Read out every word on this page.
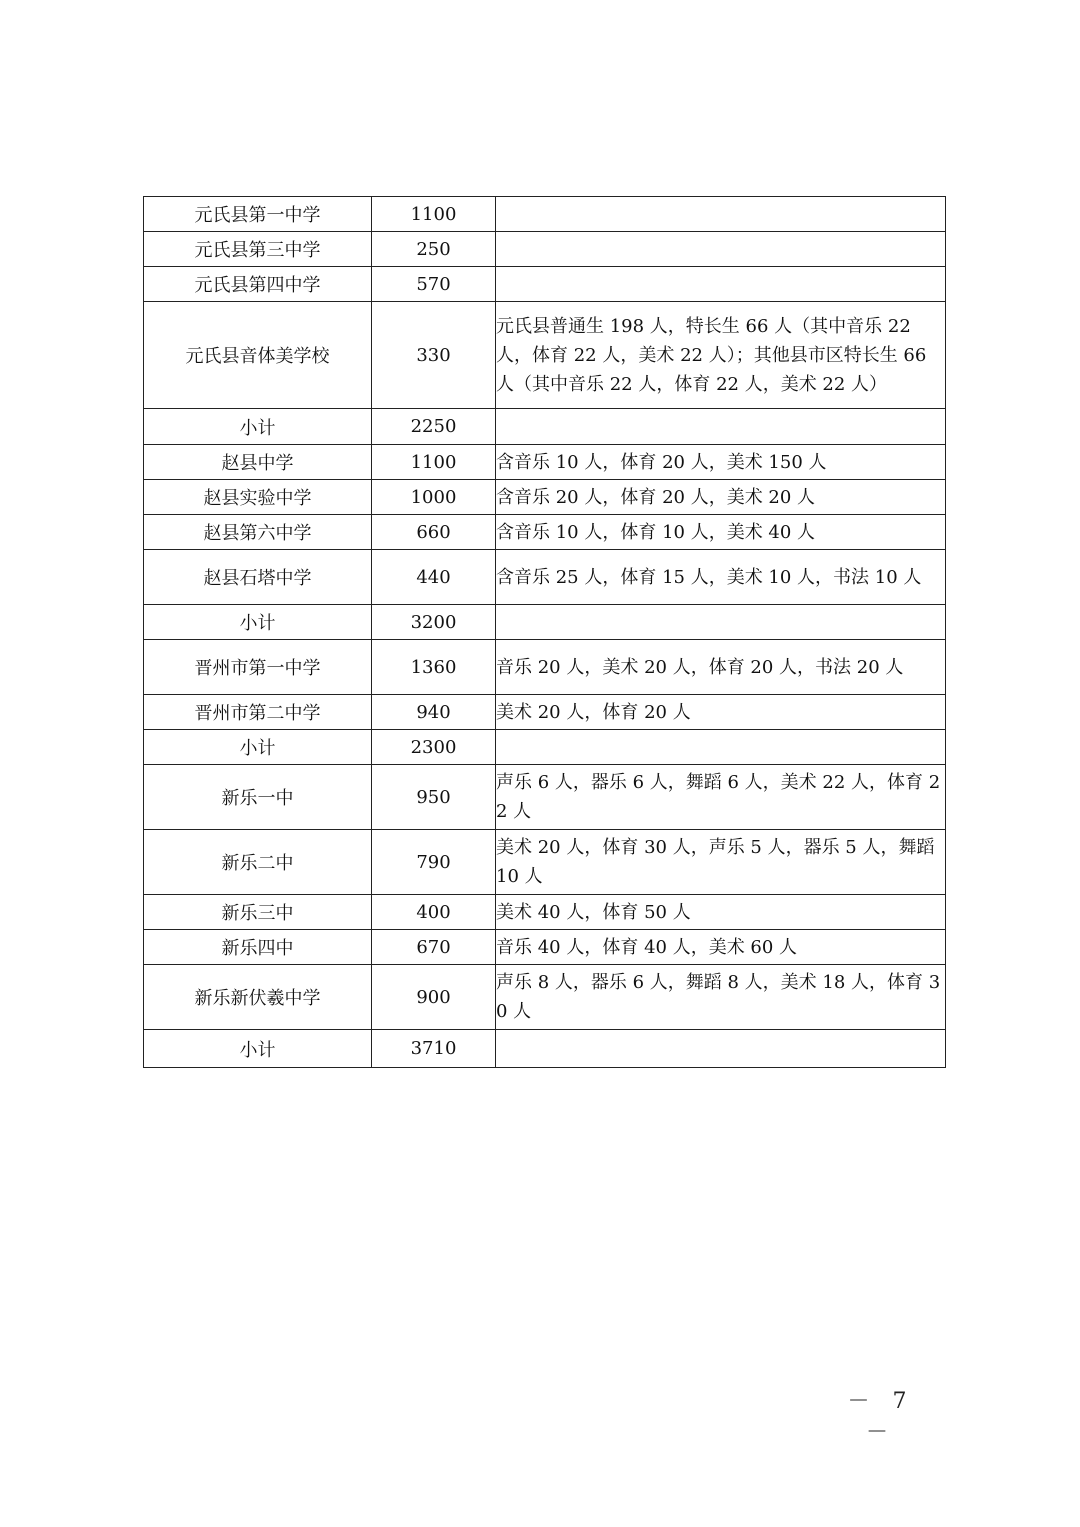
元氏县第一中学	1100	
元氏县第三中学	250	
元氏县第四中学	570	
元氏县音体美学校	330	元氏县普通生 198 人，特长生 66 人（其中音乐 22 人，体育 22 人，美术 22 人）；其他县市区特长生 66 人（其中音乐 22 人，体育 22 人，美术 22 人）
小计	2250	
赵县中学	1100	含音乐 10 人，体育 20 人，美术 150 人
赵县实验中学	1000	含音乐 20 人，体育 20 人，美术 20 人
赵县第六中学	660	含音乐 10 人，体育 10 人，美术 40 人
赵县石塔中学	440	含音乐 25 人，体育 15 人，美术 10 人，书法 10 人
小计	3200	
晋州市第一中学	1360	音乐 20 人，美术 20 人，体育 20 人，书法 20 人
晋州市第二中学	940	美术 20 人，体育 20 人
小计	2300	
新乐一中	950	声乐 6 人，器乐 6 人，舞蹈 6 人，美术 22 人，体育 22 人
新乐二中	790	美术 20 人，体育 30 人，声乐 5 人，器乐 5 人，舞蹈 10 人
新乐三中	400	美术 40 人，体育 50 人
新乐四中	670	音乐 40 人，体育 40 人，美术 60 人
新乐新伏羲中学	900	声乐 8 人，器乐 6 人，舞蹈 8 人，美术 18 人，体育 30 人
小计	3710	
－ 7 －
